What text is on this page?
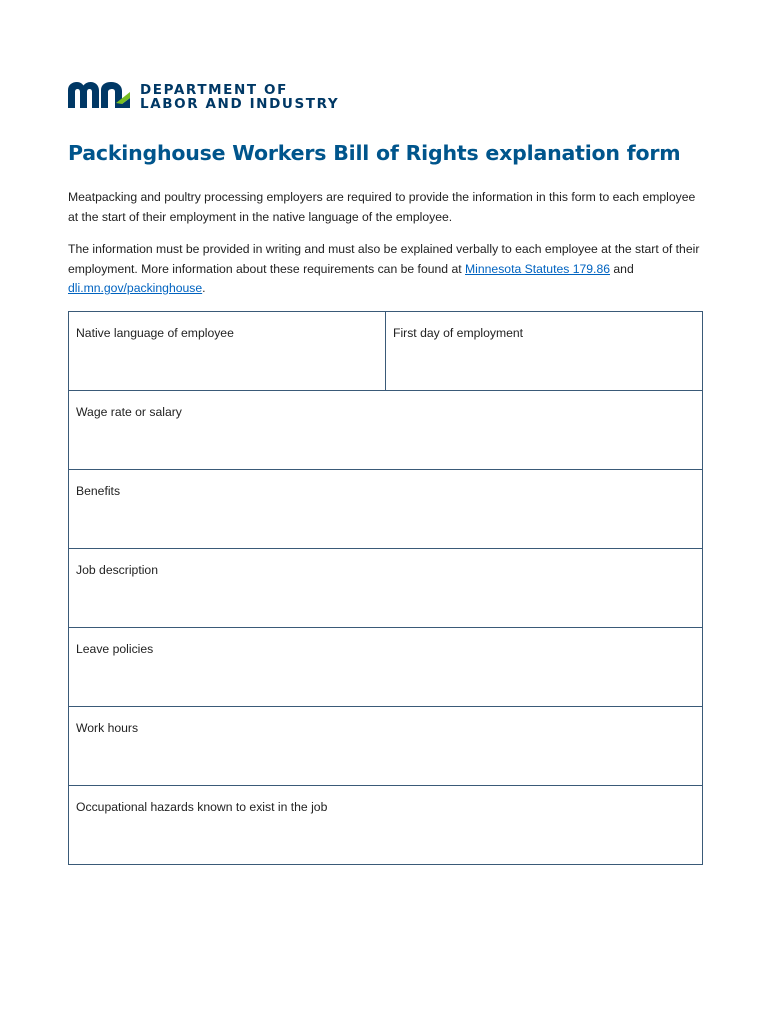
DEPARTMENT OF
LABOR AND INDUSTRY
Packinghouse Workers Bill of Rights explanation form

Meatpacking and poultry processing employers are required to provide the information in this form to each employee at the start of their employment in the native language of the employee.

The information must be provided in writing and must also be explained verbally to each employee at the start of their employment. More information about these requirements can be found at Minnesota Statutes 179.86 and dli.mn.gov/packinghouse.

Native language of employee	First day of employment
Wage rate or salary
Benefits
Job description
Leave policies
Work hours
Occupational hazards known to exist in the job
